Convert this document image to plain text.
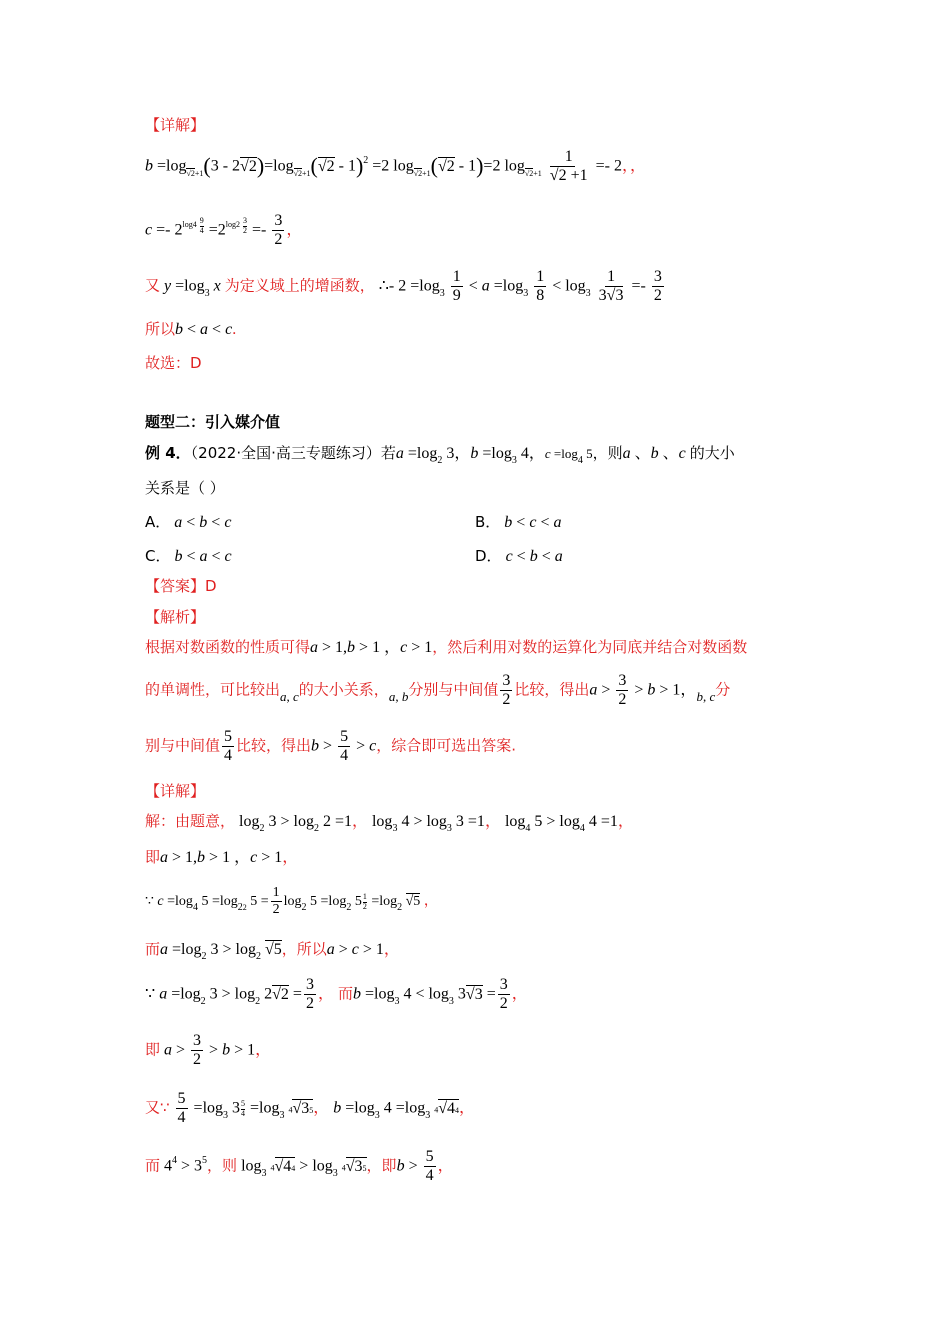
【详解】
$b =\log_{√2+1}(3 - 2√2)=\log_{√2+1}(√2 - 1)^2 =2$ $\log_{√2+1}(√2 - 1)=2$ $\log_{√2+1} \frac{1}{√2 +1} =- 2$，，
$c =- 2^{log4 \frac{9}{4}} =2^{log2 \frac{3}{2}} =- \frac{3}{2}$ ，
又 $y =\log_3$ x 为定义域上的增函数， ∴- $2 =\log_3 \frac{1}{9} < a =\log_3 \frac{1}{8} < \log_3 \frac{1}{3√3} =- \frac{3}{2}$
所以b < a < c.
故选：D
题型二：引入媒介值
例 4．（2022·全国·高三专题练习）若$a =\log_2$ 3，$b =\log_3$ 4，$c =\log_4$ 5，则a 、b 、c 的大小
关系是（ ）
A． a < b < c	B． b < c < a
C． b < a < c	D． c < b < a
【答案】D
【解析】
根据对数函数的性质可得a > 1,b > 1 ，c > 1，然后利用对数的运算化为同底并结合对数函数
的单调性，可比较出$_{a, c}$的大小关系，$_{a, b}$分别与中间值 $\frac{3}{2}$ 比较，得出$a > \frac{3}{2} > b > 1$，$_{b, c}$分
别与中间值 $\frac{5}{4}$ 比较，得出$b > \frac{5}{4} > c$，综合即可选出答案.
【详解】
解：由题意， $\log_2 3 > \log_2 2 =1$， $\log_3 4 > \log_3 3 =1$， $\log_4 5 > \log_4 4 =1$，
即a > 1,b > 1 ，c > 1，
∵ $c =\log_4$ $5 =\log_{22}$ $5 = \frac{1}{2} \log_2 5 =\log_2$ $5 \frac{1}{2} =\log_2$ √5 ，
而$a =\log_2$ $3 > \log_2 √5$，所以a > c > 1，
∵ $a =\log_2$ $3 > \log_2 2√2 = \frac{3}{2}$ ， 而$b =\log_3$ $4 < \log_3 3√3 = \frac{3}{2}$ ，
即 $a > \frac{3}{2} > b > 1$，
又∵ $\frac{5}{4} =\log_3$ $3 \frac{5}{4} =\log_3$ 4√35， $b =\log_3$ $4 =\log_3$ 4√44，
而 $4^4 > 3^5$，则 $\log_3 4√44 > \log_3 4√35$，即$b > \frac{5}{4}$ ，
